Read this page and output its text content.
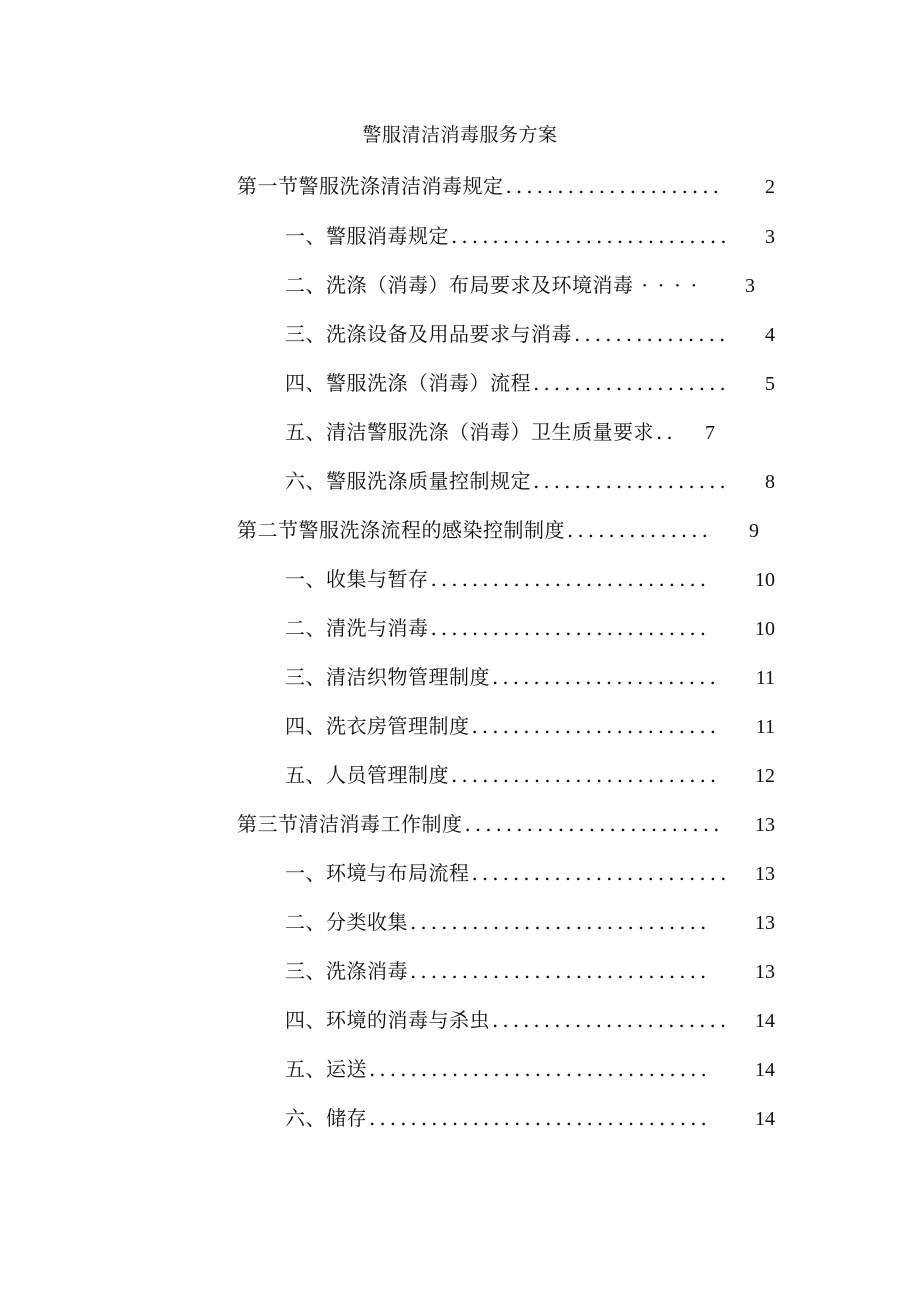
警服清洁消毒服务方案
第一节警服洗涤清洁消毒规定 .....................	2
一、警服消毒规定 ...........................	3
二、洗涤（消毒）布局要求及环境消毒 ····	3
三、洗涤设备及用品要求与消毒 ...............	4
四、警服洗涤（消毒）流程 ...................	5
五、清洁警服洗涤（消毒）卫生质量要求 ..	7
六、警服洗涤质量控制规定 ...................	8
第二节警服洗涤流程的感染控制制度 ..............	9
一、收集与暂存 ...........................	10
二、清洗与消毒 ...........................	10
三、清洁织物管理制度 ......................	11
四、洗衣房管理制度 ........................	11
五、人员管理制度 ..........................	12
第三节清洁消毒工作制度 .........................	13
一、环境与布局流程 .........................	13
二、分类收集 .............................	13
三、洗涤消毒 .............................	13
四、环境的消毒与杀虫 .......................	14
五、运送 .................................	14
六、储存 .................................	14
